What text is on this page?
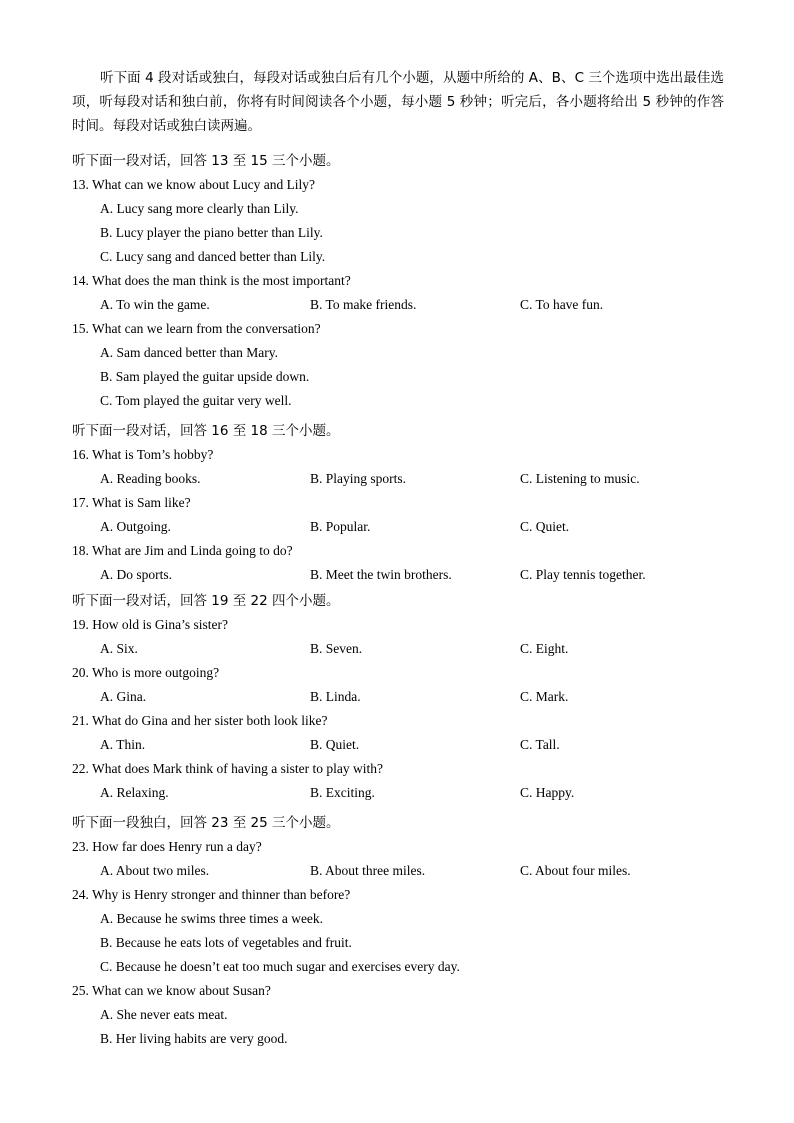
听下面 4 段对话或独白，每段对话或独白后有几个小题，从题中所给的 A、B、C 三个选项中选出最佳选项，听每段对话和独白前，你将有时间阅读各个小题，每小题 5 秒钟；听完后，各小题将给出 5 秒钟的作答时间。每段对话或独白读两遍。
听下面一段对话，回答 13 至 15 三个小题。
13. What can we know about Lucy and Lily?
A. Lucy sang more clearly than Lily.
B. Lucy player the piano better than Lily.
C. Lucy sang and danced better than Lily.
14. What does the man think is the most important?
A. To win the game.	B. To make friends.	C. To have fun.
15. What can we learn from the conversation?
A. Sam danced better than Mary.
B. Sam played the guitar upside down.
C. Tom played the guitar very well.
听下面一段对话，回答 16 至 18 三个小题。
16. What is Tom’s hobby?
A. Reading books.	B. Playing sports.	C. Listening to music.
17. What is Sam like?
A. Outgoing.	B. Popular.	C. Quiet.
18. What are Jim and Linda going to do?
A. Do sports.	B. Meet the twin brothers.	C. Play tennis together.
听下面一段对话，回答 19 至 22 四个小题。
19. How old is Gina’s sister?
A. Six.	B. Seven.	C. Eight.
20. Who is more outgoing?
A. Gina.	B. Linda.	C. Mark.
21. What do Gina and her sister both look like?
A. Thin.	B. Quiet.	C. Tall.
22. What does Mark think of having a sister to play with?
A. Relaxing.	B. Exciting.	C. Happy.
听下面一段独白，回答 23 至 25 三个小题。
23. How far does Henry run a day?
A. About two miles.	B. About three miles.	C. About four miles.
24. Why is Henry stronger and thinner than before?
A. Because he swims three times a week.
B. Because he eats lots of vegetables and fruit.
C. Because he doesn’t eat too much sugar and exercises every day.
25. What can we know about Susan?
A. She never eats meat.
B. Her living habits are very good.
